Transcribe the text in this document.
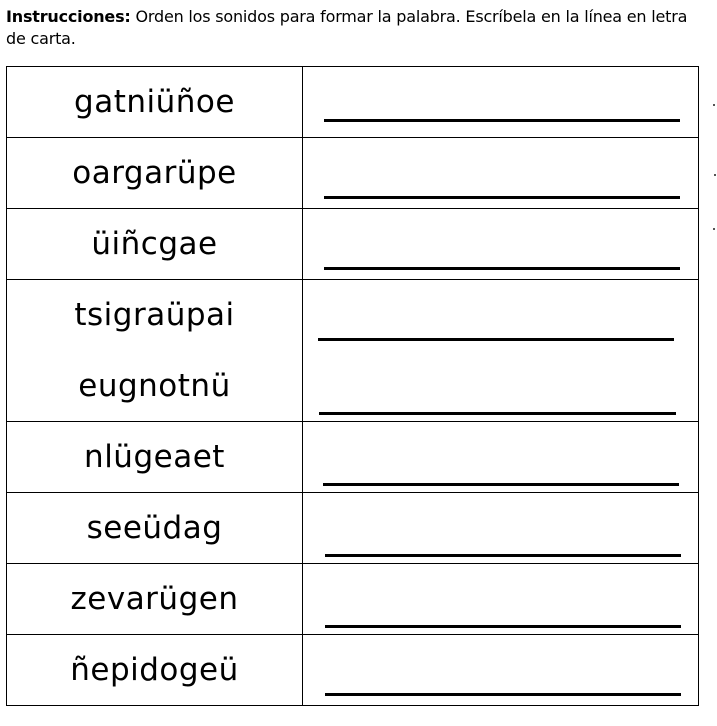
Instrucciones: Orden los sonidos para formar la palabra. Escríbela en la línea en letra de carta.
gatniüñoe	

oargarüpe	

üiñcgae	

tsigraüpai
eugnotnü	

nlügeaet	

seeüdag	

zevarügen	

ñepidogeü	
